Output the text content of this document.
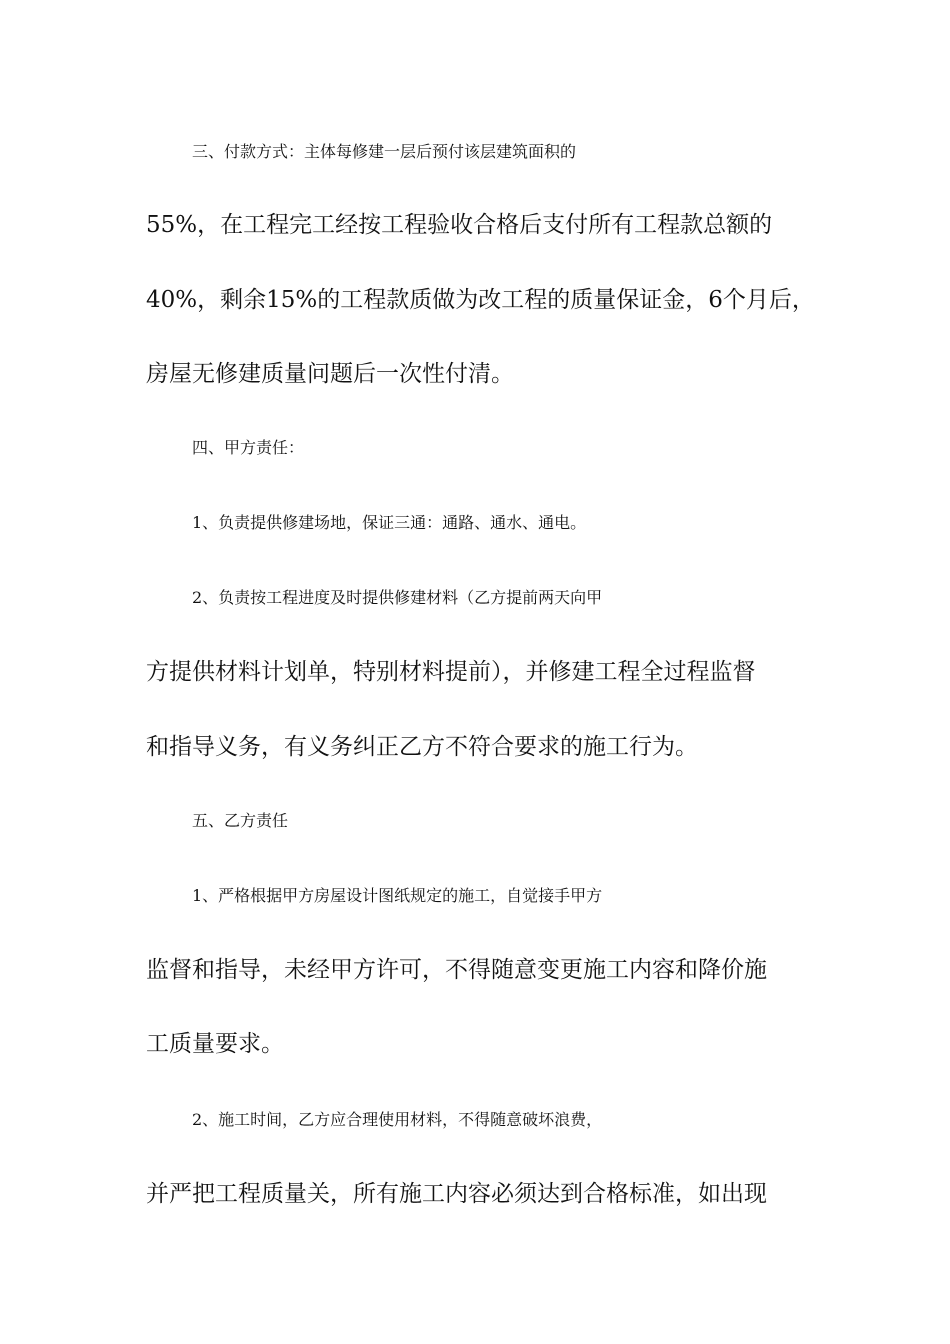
三、付款方式：主体每修建一层后预付该层建筑面积的
55%，在工程完工经按工程验收合格后支付所有工程款总额的
40%，剩余15%的工程款质做为改工程的质量保证金，6个月后，
房屋无修建质量问题后一次性付清。
四、甲方责任：
1、负责提供修建场地，保证三通：通路、通水、通电。
2、负责按工程进度及时提供修建材料（乙方提前两天向甲
方提供材料计划单，特别材料提前），并修建工程全过程监督
和指导义务，有义务纠正乙方不符合要求的施工行为。
五、乙方责任
1、严格根据甲方房屋设计图纸规定的施工，自觉接手甲方
监督和指导，未经甲方许可，不得随意变更施工内容和降价施
工质量要求。
2、施工时间，乙方应合理使用材料，不得随意破坏浪费，
并严把工程质量关，所有施工内容必须达到合格标准，如出现
